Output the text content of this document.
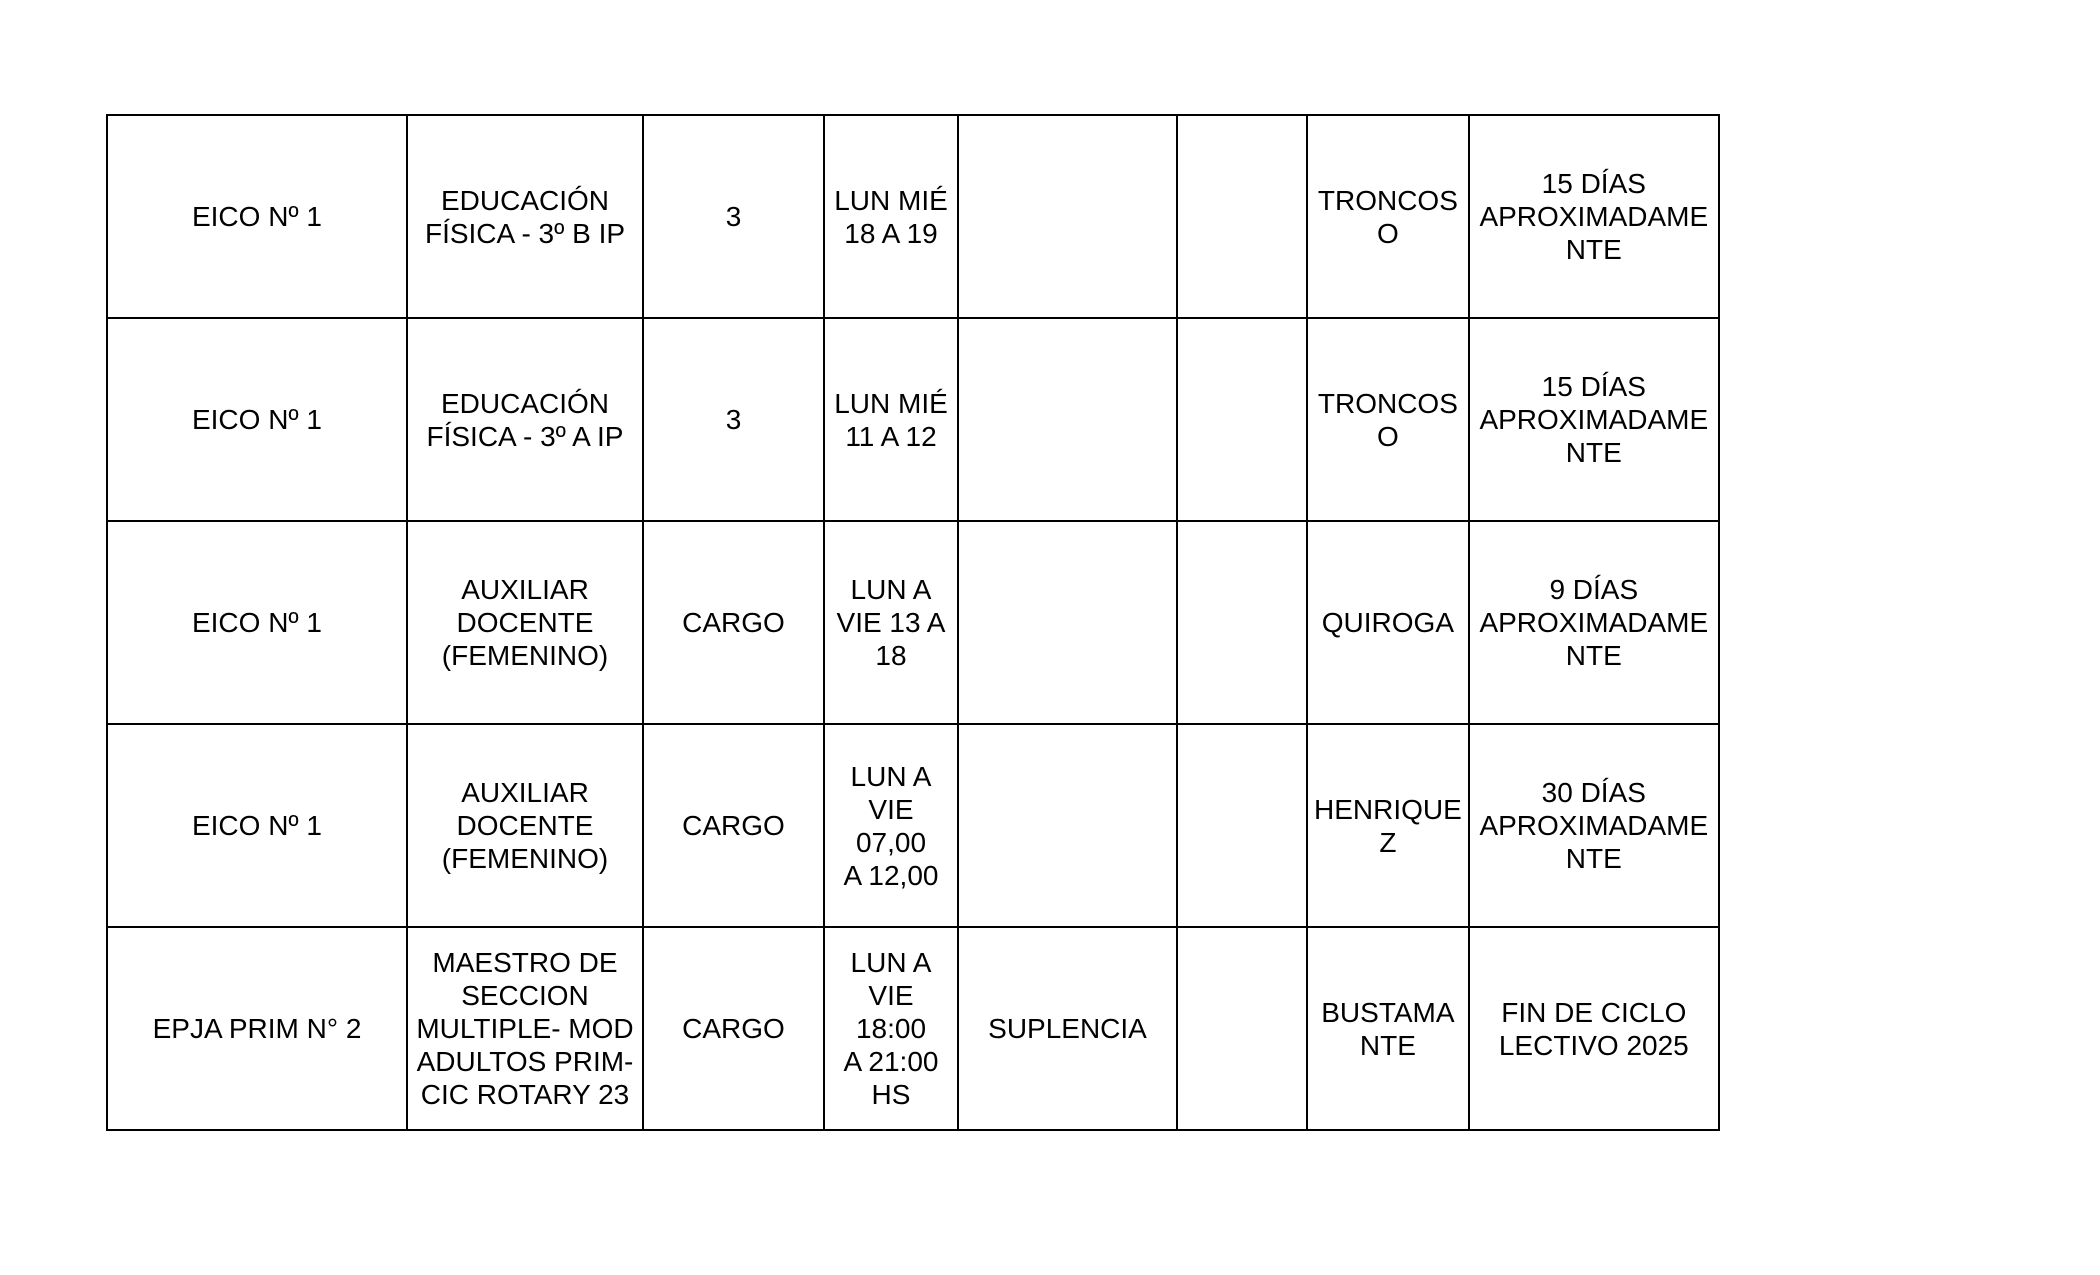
EICO Nº 1	EDUCACIÓN
FÍSICA - 3º B IP	3	LUN MIÉ
18 A 19			TRONCOS
O	15 DÍAS
APROXIMADAME
NTE
EICO Nº 1	EDUCACIÓN
FÍSICA - 3º A IP	3	LUN MIÉ
11 A 12			TRONCOS
O	15 DÍAS
APROXIMADAME
NTE
EICO Nº 1	AUXILIAR
DOCENTE
(FEMENINO)	CARGO	LUN A
VIE 13 A
18			QUIROGA	9 DÍAS
APROXIMADAME
NTE
EICO Nº 1	AUXILIAR
DOCENTE
(FEMENINO)	CARGO	LUN A
VIE 07,00
A 12,00			HENRIQUE
Z	30 DÍAS
APROXIMADAME
NTE
EPJA PRIM N° 2	MAESTRO DE
SECCION
MULTIPLE- MOD
ADULTOS PRIM-
CIC ROTARY 23	CARGO	LUN A
VIE 18:00
A 21:00
HS	SUPLENCIA		BUSTAMA
NTE	FIN DE CICLO
LECTIVO 2025
